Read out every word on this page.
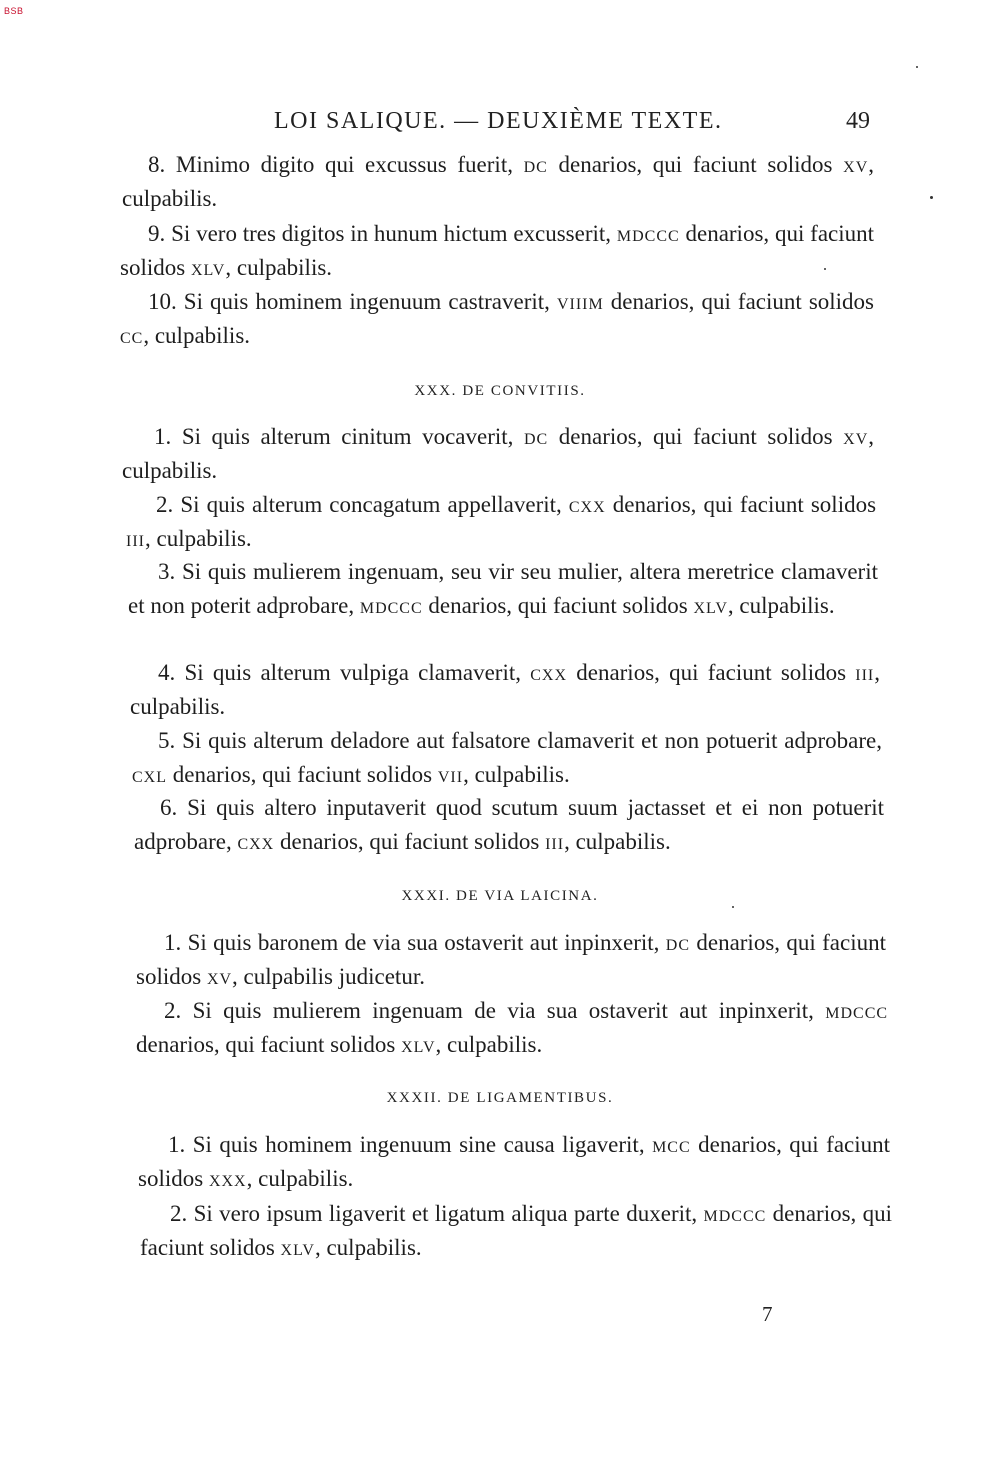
BSB
LOI SALIQUE. — DEUXIÈME TEXTE.	49
8. Minimo digito qui excussus fuerit, dc denarios, qui faciunt solidos xv, culpabilis.
9. Si vero tres digitos in hunum hictum excusserit, mdccc denarios, qui faciunt solidos xlv, culpabilis.
10. Si quis hominem ingenuum castraverit, viiim denarios, qui faciunt solidos cc, culpabilis.
XXX. DE CONVITIIS.
1. Si quis alterum cinitum vocaverit, dc denarios, qui faciunt solidos xv, culpabilis.
2. Si quis alterum concagatum appellaverit, cxx denarios, qui faciunt solidos iii, culpabilis.
3. Si quis mulierem ingenuam, seu vir seu mulier, altera meretrice clamaverit et non poterit adprobare, mdccc denarios, qui faciunt solidos xlv, culpabilis.
4. Si quis alterum vulpiga clamaverit, cxx denarios, qui faciunt solidos iii, culpabilis.
5. Si quis alterum deladore aut falsatore clamaverit et non potuerit adprobare, cxl denarios, qui faciunt solidos vii, culpabilis.
6. Si quis altero inputaverit quod scutum suum jactasset et ei non potuerit adprobare, cxx denarios, qui faciunt solidos iii, culpabilis.
XXXI. DE VIA LAICINA.
1. Si quis baronem de via sua ostaverit aut inpinxerit, dc denarios, qui faciunt solidos xv, culpabilis judicetur.
2. Si quis mulierem ingenuam de via sua ostaverit aut inpinxerit, mdccc denarios, qui faciunt solidos xlv, culpabilis.
XXXII. DE LIGAMENTIBUS.
1. Si quis hominem ingenuum sine causa ligaverit, mcc denarios, qui faciunt solidos xxx, culpabilis.
2. Si vero ipsum ligaverit et ligatum aliqua parte duxerit, mdccc denarios, qui faciunt solidos xlv, culpabilis.
7
